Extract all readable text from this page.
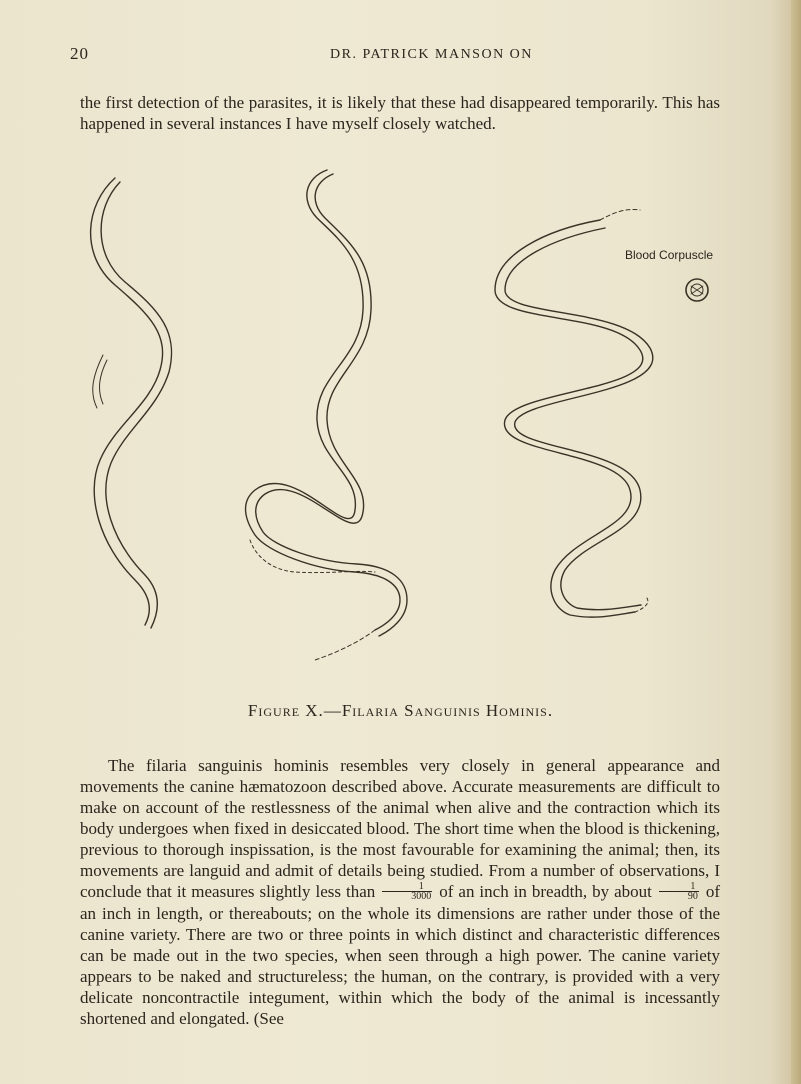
20	DR. PATRICK MANSON ON

the first detection of the parasites, it is likely that these had disappeared temporarily. This has happened in several instances I have myself closely watched.

Blood Corpuscle
Figure X.—Filaria Sanguinis Hominis.

The filaria sanguinis hominis resembles very closely in general appearance and movements the canine hæmatozoon described above. Accurate measurements are difficult to make on account of the restlessness of the animal when alive and the contraction which its body undergoes when fixed in desiccated blood. The short time when the blood is thickening, previous to thorough inspissation, is the most favourable for examining the animal; then, its movements are languid and admit of details being studied. From a number of observations, I conclude that it measures slightly less than $\frac{1}{3000}$ of an inch in breadth, by about $\frac{1}{90}$ of an inch in length, or thereabouts; on the whole its dimensions are rather under those of the canine variety. There are two or three points in which distinct and characteristic differences can be made out in the two species, when seen through a high power. The canine variety appears to be naked and structureless; the human, on the contrary, is provided with a very delicate noncontractile integument, within which the body of the animal is incessantly shortened and elongated. (See
